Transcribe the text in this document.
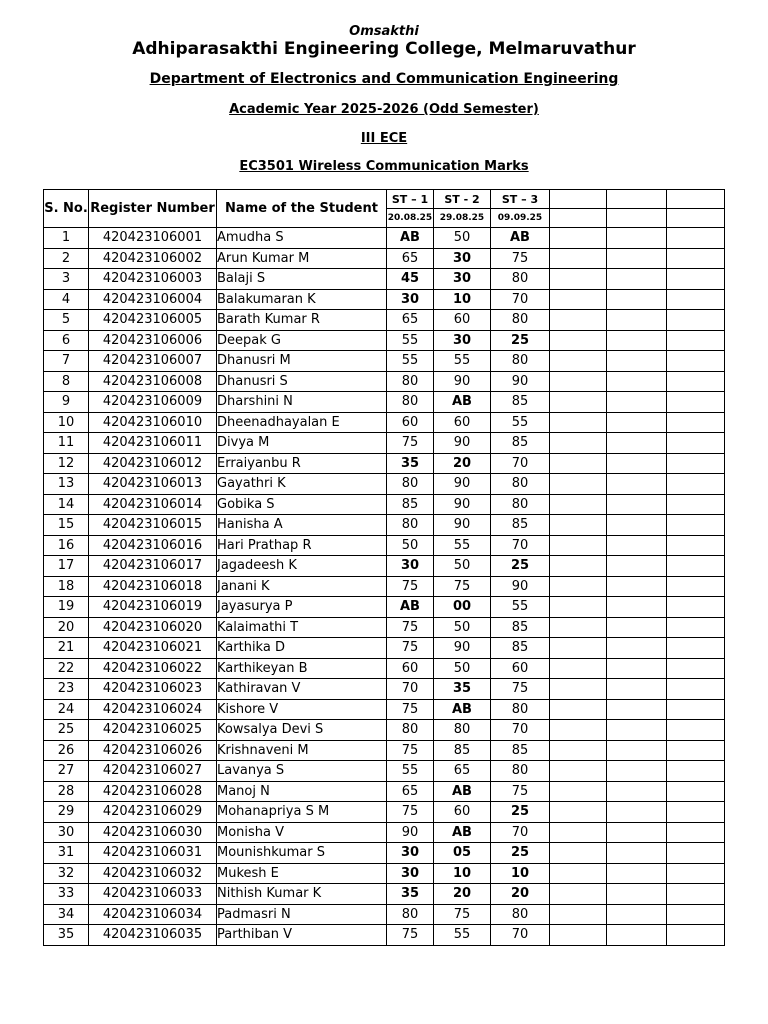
Omsakthi
Adhiparasakthi Engineering College, Melmaruvathur
Department of Electronics and Communication Engineering
Academic Year 2025-2026 (Odd Semester)
III ECE
EC3501 Wireless Communication Marks
S. No.	Register Number	Name of the Student	ST – 1	ST - 2	ST – 3			
			20.08.25	29.08.25	09.09.25			
1	420423106001	Amudha S	AB	50	AB			
2	420423106002	Arun Kumar M	65	30	75			
3	420423106003	Balaji S	45	30	80			
4	420423106004	Balakumaran K	30	10	70			
5	420423106005	Barath Kumar R	65	60	80			
6	420423106006	Deepak G	55	30	25			
7	420423106007	Dhanusri M	55	55	80			
8	420423106008	Dhanusri S	80	90	90			
9	420423106009	Dharshini N	80	AB	85			
10	420423106010	Dheenadhayalan E	60	60	55			
11	420423106011	Divya M	75	90	85			
12	420423106012	Erraiyanbu R	35	20	70			
13	420423106013	Gayathri K	80	90	80			
14	420423106014	Gobika S	85	90	80			
15	420423106015	Hanisha A	80	90	85			
16	420423106016	Hari Prathap R	50	55	70			
17	420423106017	Jagadeesh K	30	50	25			
18	420423106018	Janani K	75	75	90			
19	420423106019	Jayasurya P	AB	00	55			
20	420423106020	Kalaimathi T	75	50	85			
21	420423106021	Karthika D	75	90	85			
22	420423106022	Karthikeyan B	60	50	60			
23	420423106023	Kathiravan V	70	35	75			
24	420423106024	Kishore V	75	AB	80			
25	420423106025	Kowsalya Devi S	80	80	70			
26	420423106026	Krishnaveni M	75	85	85			
27	420423106027	Lavanya S	55	65	80			
28	420423106028	Manoj N	65	AB	75			
29	420423106029	Mohanapriya S M	75	60	25			
30	420423106030	Monisha V	90	AB	70			
31	420423106031	Mounishkumar S	30	05	25			
32	420423106032	Mukesh E	30	10	10			
33	420423106033	Nithish Kumar K	35	20	20			
34	420423106034	Padmasri N	80	75	80			
35	420423106035	Parthiban V	75	55	70			
